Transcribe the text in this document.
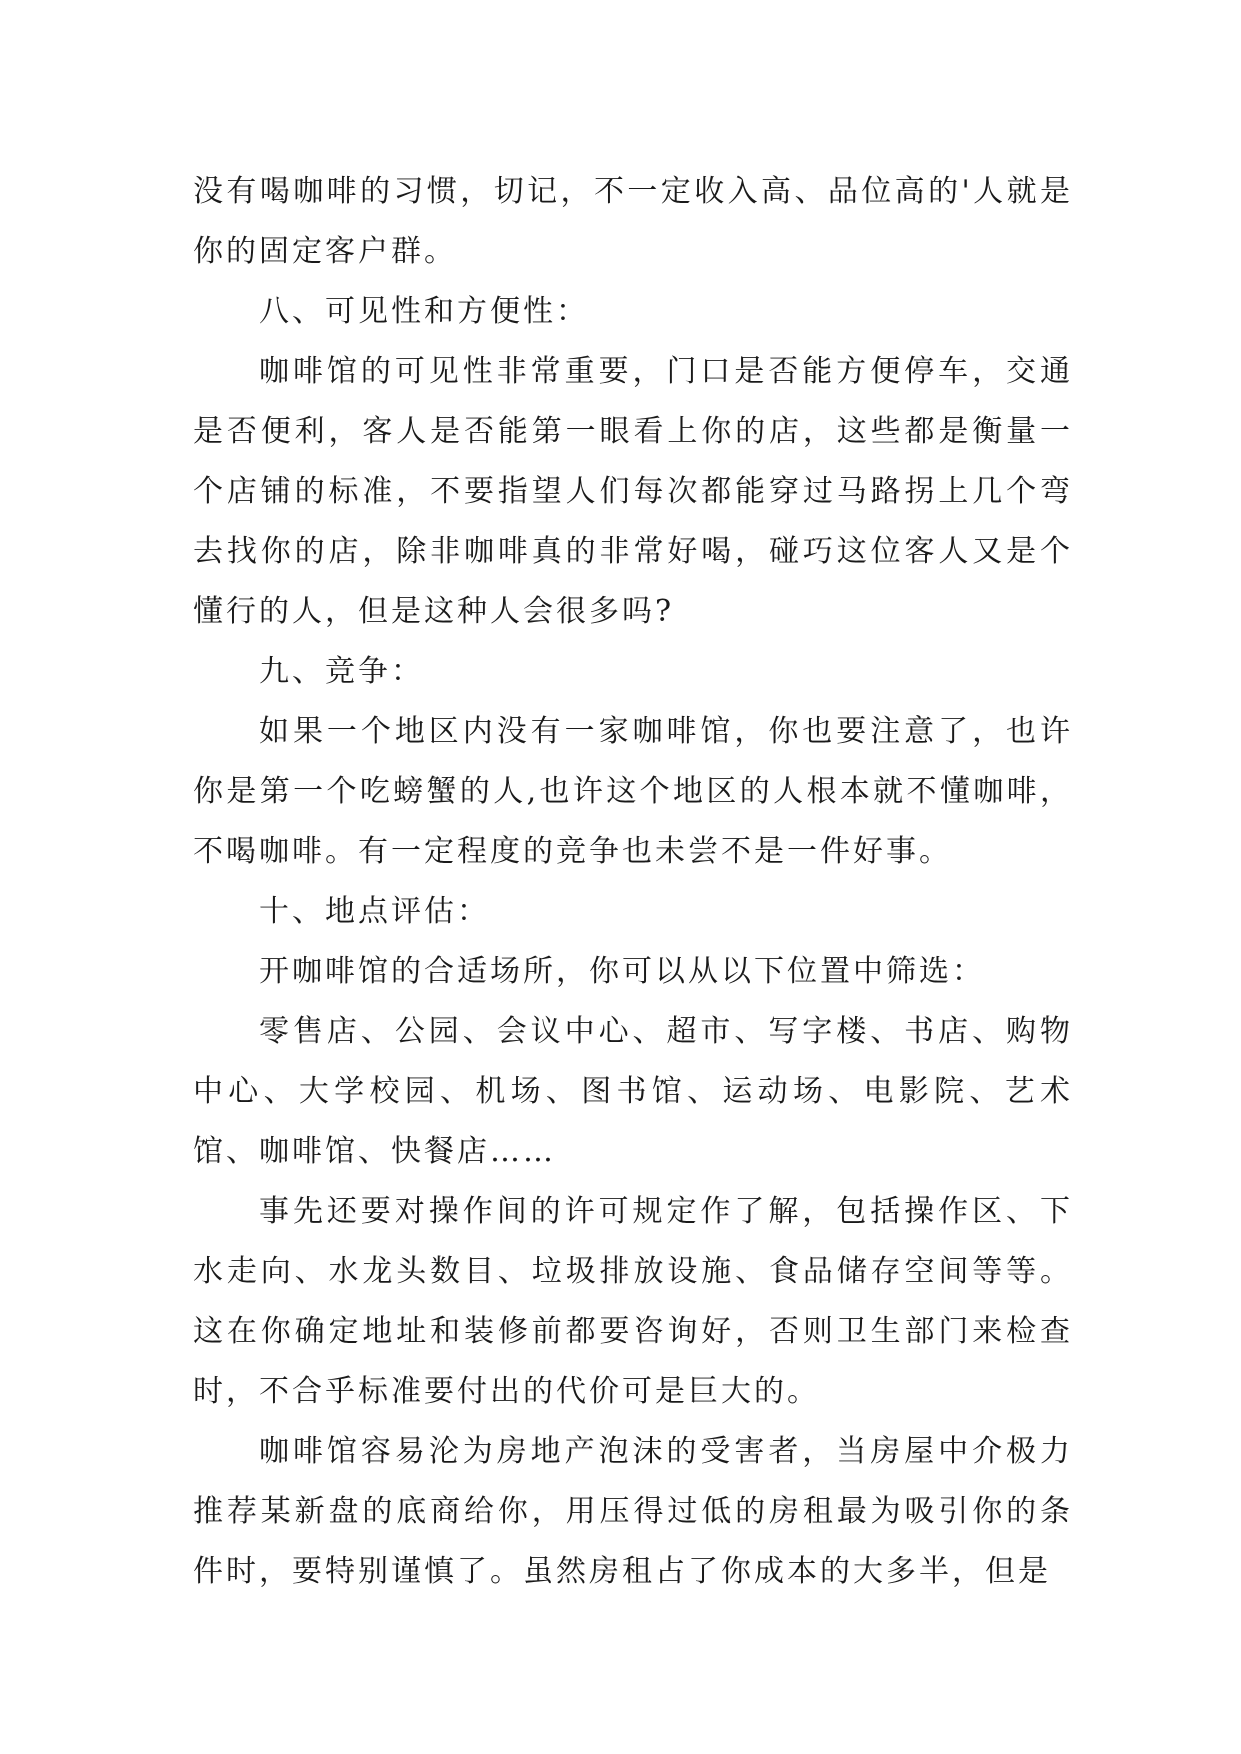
没有喝咖啡的习惯，切记，不一定收入高、品位高的'人就是你的固定客户群。

八、可见性和方便性：

咖啡馆的可见性非常重要，门口是否能方便停车，交通是否便利，客人是否能第一眼看上你的店，这些都是衡量一个店铺的标准，不要指望人们每次都能穿过马路拐上几个弯去找你的店，除非咖啡真的非常好喝，碰巧这位客人又是个懂行的人，但是这种人会很多吗?

九、竞争：

如果一个地区内没有一家咖啡馆，你也要注意了，也许你是第一个吃螃蟹的人,也许这个地区的人根本就不懂咖啡，不喝咖啡。有一定程度的竞争也未尝不是一件好事。

十、地点评估：

开咖啡馆的合适场所，你可以从以下位置中筛选：

零售店、公园、会议中心、超市、写字楼、书店、购物中心、大学校园、机场、图书馆、运动场、电影院、艺术馆、咖啡馆、快餐店……

事先还要对操作间的许可规定作了解，包括操作区、下水走向、水龙头数目、垃圾排放设施、食品储存空间等等。这在你确定地址和装修前都要咨询好，否则卫生部门来检查时，不合乎标准要付出的代价可是巨大的。

咖啡馆容易沦为房地产泡沫的受害者，当房屋中介极力推荐某新盘的底商给你，用压得过低的房租最为吸引你的条件时，要特别谨慎了。虽然房租占了你成本的大多半，但是
